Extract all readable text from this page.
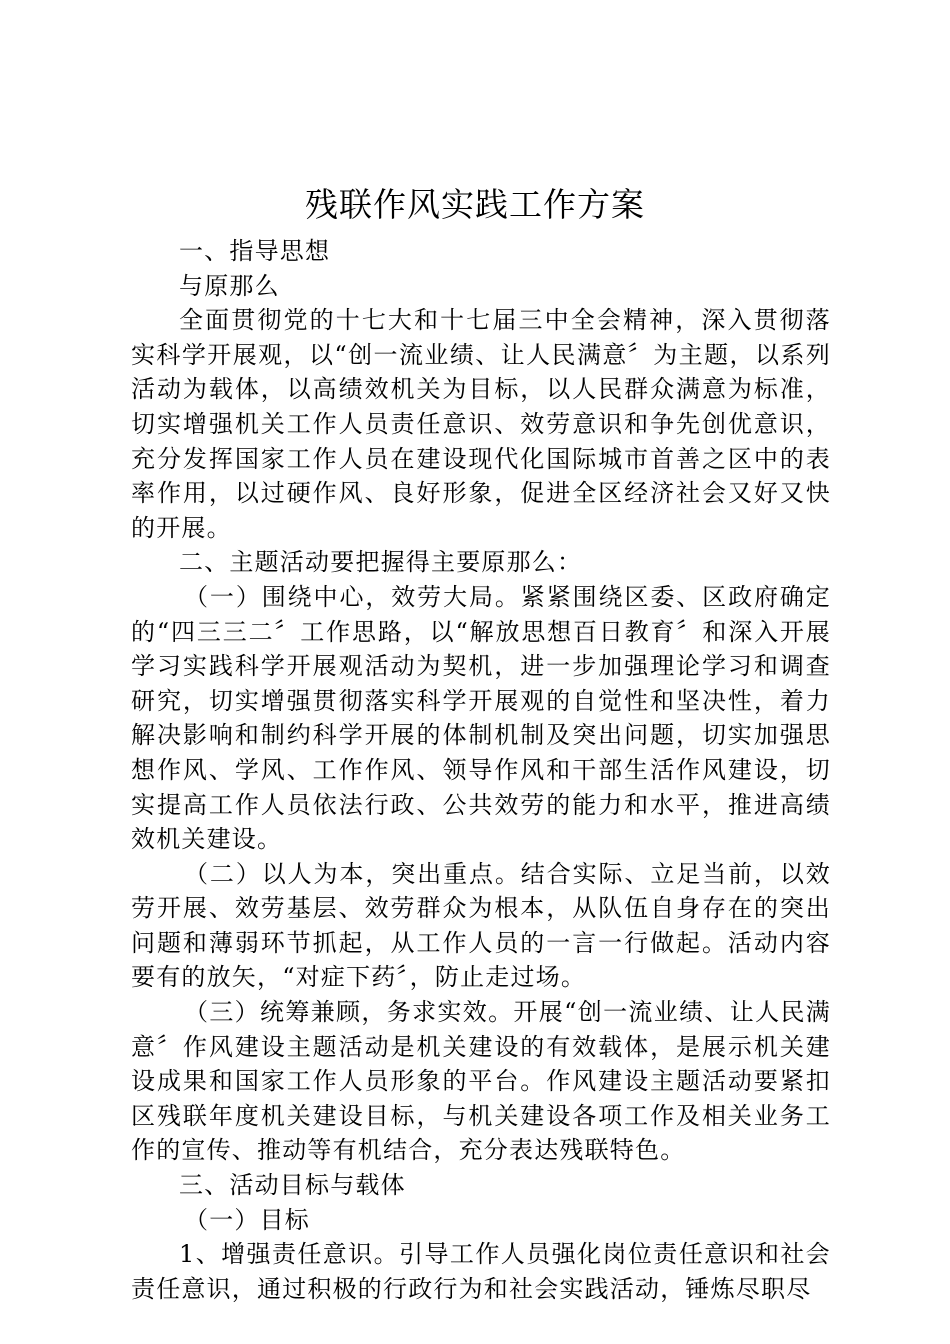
残联作风实践工作方案

一、指导思想

与原那么

全面贯彻党的十七大和十七届三中全会精神，深入贯彻落实科学开展观，以“创一流业绩、让人民满意〞为主题，以系列活动为载体，以高绩效机关为目标，以人民群众满意为标准，切实增强机关工作人员责任意识、效劳意识和争先创优意识，充分发挥国家工作人员在建设现代化国际城市首善之区中的表率作用，以过硬作风、良好形象，促进全区经济社会又好又快的开展。

二、主题活动要把握得主要原那么：

（一）围绕中心，效劳大局。紧紧围绕区委、区政府确定的“四三三二〞工作思路，以“解放思想百日教育〞和深入开展学习实践科学开展观活动为契机，进一步加强理论学习和调查研究，切实增强贯彻落实科学开展观的自觉性和坚决性，着力解决影响和制约科学开展的体制机制及突出问题，切实加强思想作风、学风、工作作风、领导作风和干部生活作风建设，切实提高工作人员依法行政、公共效劳的能力和水平，推进高绩效机关建设。

（二）以人为本，突出重点。结合实际、立足当前，以效劳开展、效劳基层、效劳群众为根本，从队伍自身存在的突出问题和薄弱环节抓起，从工作人员的一言一行做起。活动内容要有的放矢，“对症下药〞，防止走过场。

（三）统筹兼顾，务求实效。开展“创一流业绩、让人民满意〞作风建设主题活动是机关建设的有效载体，是展示机关建设成果和国家工作人员形象的平台。作风建设主题活动要紧扣区残联年度机关建设目标，与机关建设各项工作及相关业务工作的宣传、推动等有机结合，充分表达残联特色。

三、活动目标与载体

（一）目标

1、增强责任意识。引导工作人员强化岗位责任意识和社会责任意识，通过积极的行政行为和社会实践活动，锤炼尽职尽
